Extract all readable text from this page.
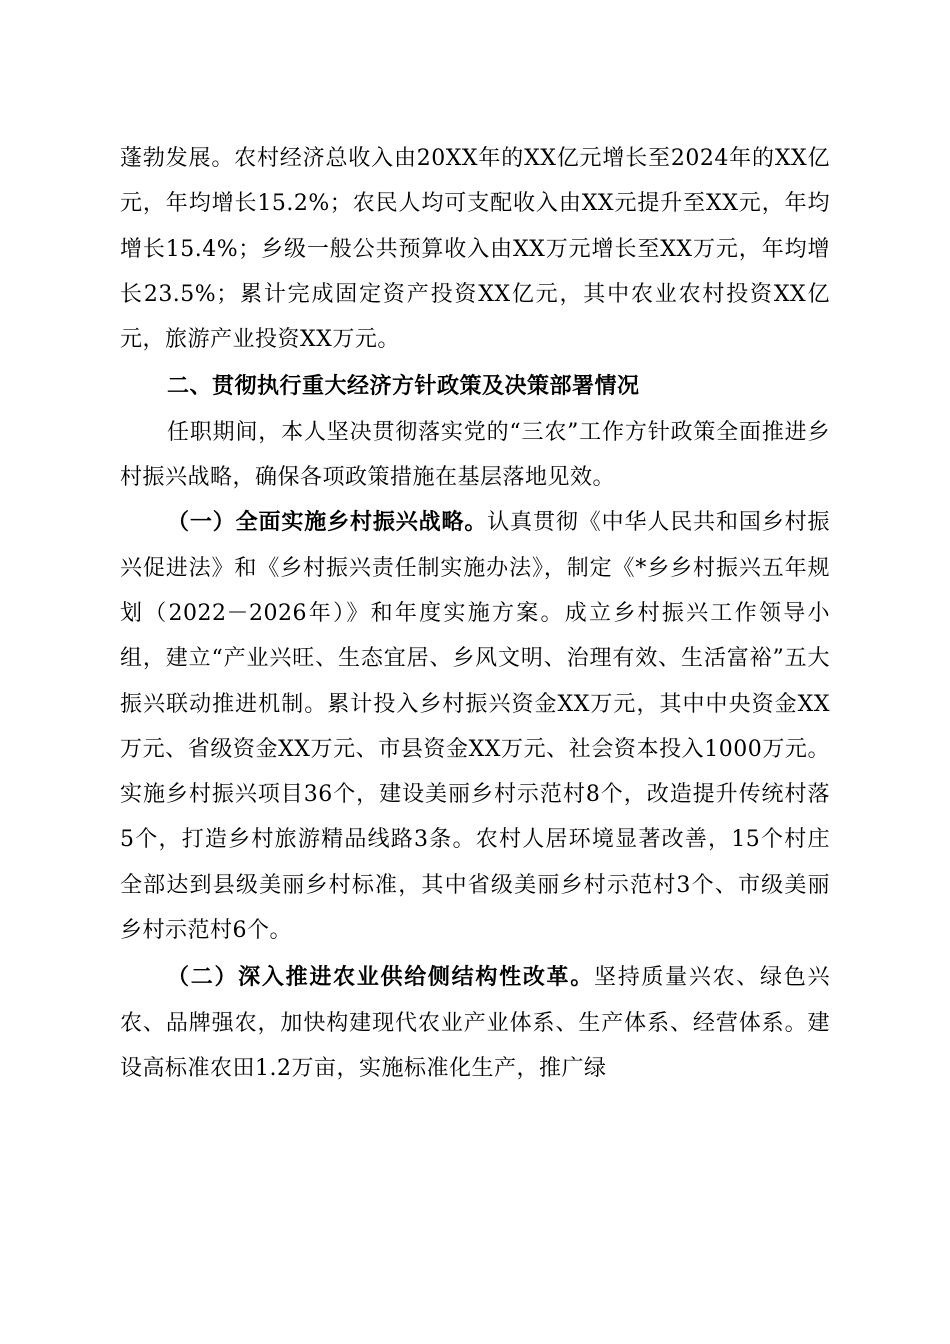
蓬勃发展。农村经济总收入由20XX年的XX亿元增长至2024年的XX亿元，年均增长15.2%；农民人均可支配收入由XX元提升至XX元，年均增长15.4%；乡级一般公共预算收入由XX万元增长至XX万元，年均增长23.5%；累计完成固定资产投资XX亿元，其中农业农村投资XX亿元，旅游产业投资XX万元。

二、贯彻执行重大经济方针政策及决策部署情况

任职期间，本人坚决贯彻落实党的“三农”工作方针政策全面推进乡村振兴战略，确保各项政策措施在基层落地见效。

（一）全面实施乡村振兴战略。认真贯彻《中华人民共和国乡村振兴促进法》和《乡村振兴责任制实施办法》，制定《*乡乡村振兴五年规划（2022－2026年）》和年度实施方案。成立乡村振兴工作领导小组，建立“产业兴旺、生态宜居、乡风文明、治理有效、生活富裕”五大振兴联动推进机制。累计投入乡村振兴资金XX万元，其中中央资金XX万元、省级资金XX万元、市县资金XX万元、社会资本投入1000万元。实施乡村振兴项目36个，建设美丽乡村示范村8个，改造提升传统村落5个，打造乡村旅游精品线路3条。农村人居环境显著改善，15个村庄全部达到县级美丽乡村标准，其中省级美丽乡村示范村3个、市级美丽乡村示范村6个。

（二）深入推进农业供给侧结构性改革。坚持质量兴农、绿色兴农、品牌强农，加快构建现代农业产业体系、生产体系、经营体系。建设高标准农田1.2万亩，实施标准化生产，推广绿
